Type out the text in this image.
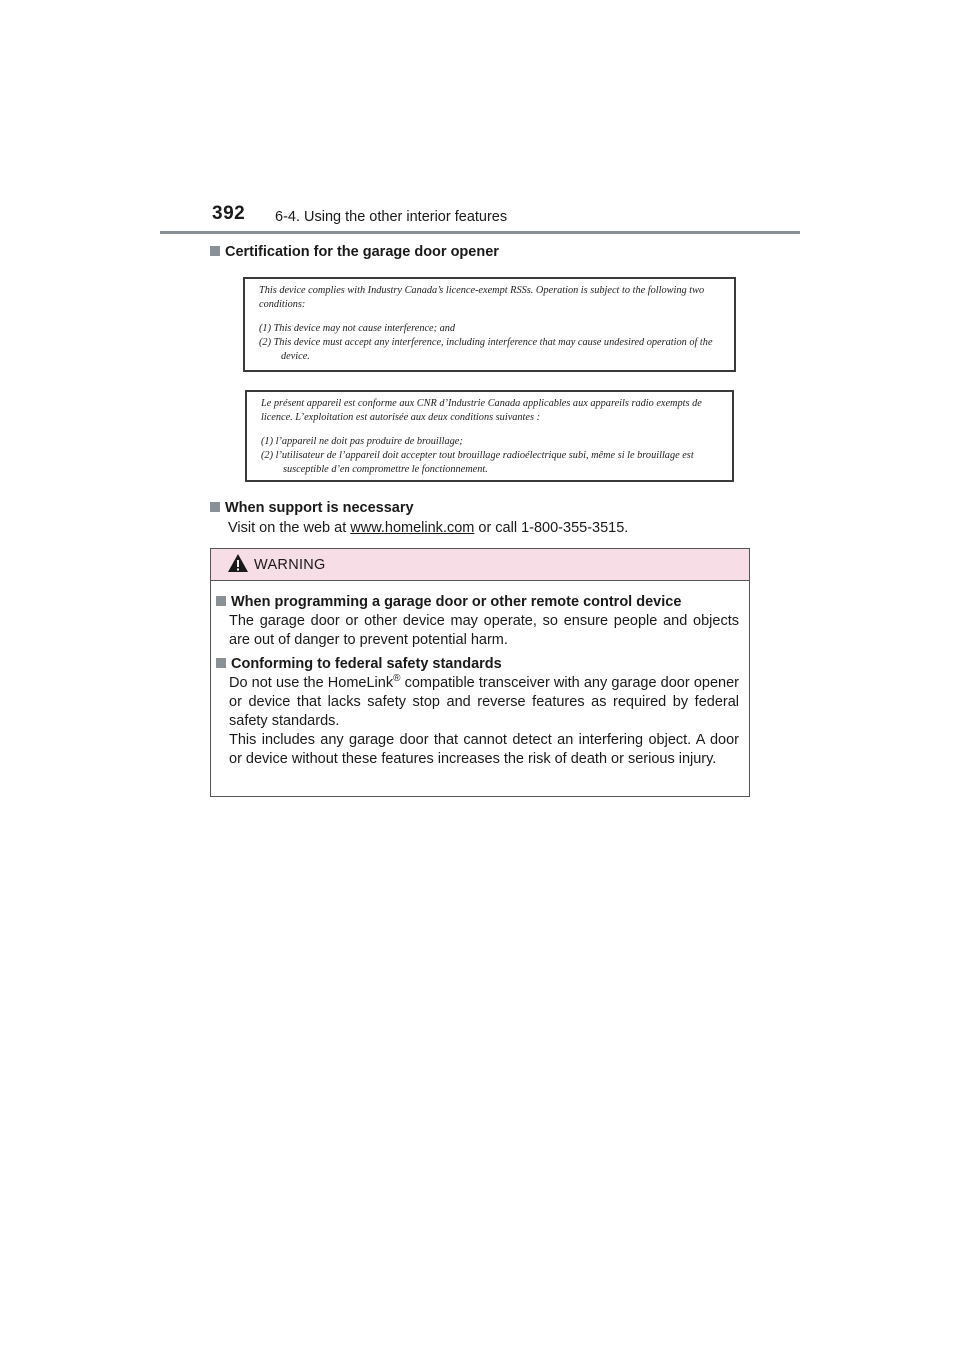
392 6-4. Using the other interior features
Certification for the garage door opener

This device complies with Industry Canada’s licence-exempt RSSs. Operation is subject to the following two conditions:

(1) This device may not cause interference; and

(2) This device must accept any interference, including interference that may cause undesired operation of the device.

Le présent appareil est conforme aux CNR d’Industrie Canada applicables aux appareils radio exempts de licence. L’exploitation est autorisée aux deux conditions suivantes :

(1) l’appareil ne doit pas produire de brouillage;

(2) l’utilisateur de l’appareil doit accepter tout brouillage radioélectrique subi, même si le brouillage est susceptible d’en compromettre le fonctionnement.

When support is necessary
Visit on the web at www.homelink.com or call 1-800-355-3515.
WARNING
When programming a garage door or other remote control device
The garage door or other device may operate, so ensure people and objects are out of danger to prevent potential harm.
Conforming to federal safety standards
Do not use the HomeLink® compatible transceiver with any garage door opener or device that lacks safety stop and reverse features as required by federal safety standards.
This includes any garage door that cannot detect an interfering object. A door or device without these features increases the risk of death or serious injury.
